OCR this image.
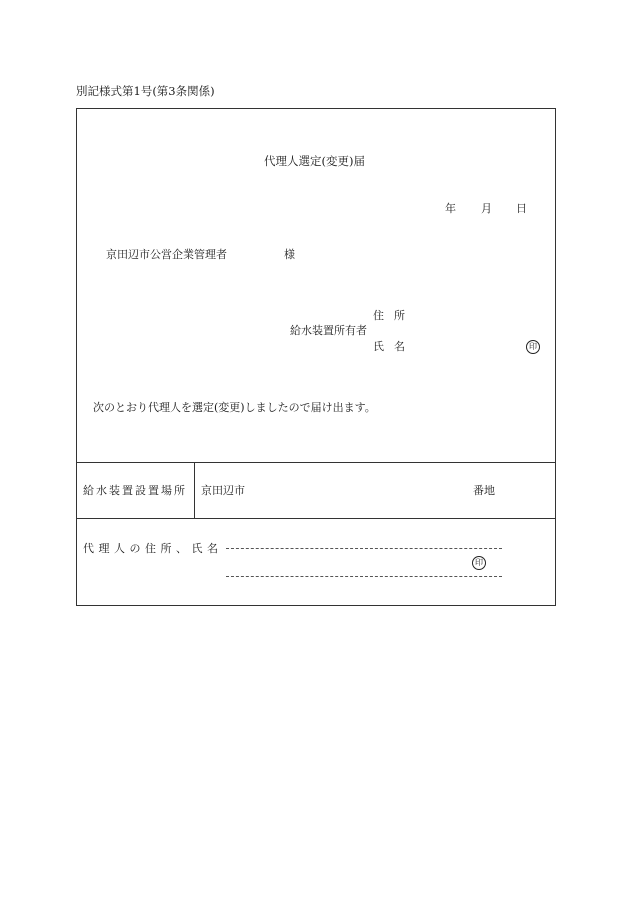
別記様式第1号(第3条関係)
代理人選定(変更)届
年 月 日
京田辺市公営企業管理者	様
住所
給水装置所有者
氏名	印
次のとおり代理人を選定(変更)しましたので届け出ます。
給水装置設置場所 京田辺市	番地
代理人の住所、氏名
印
